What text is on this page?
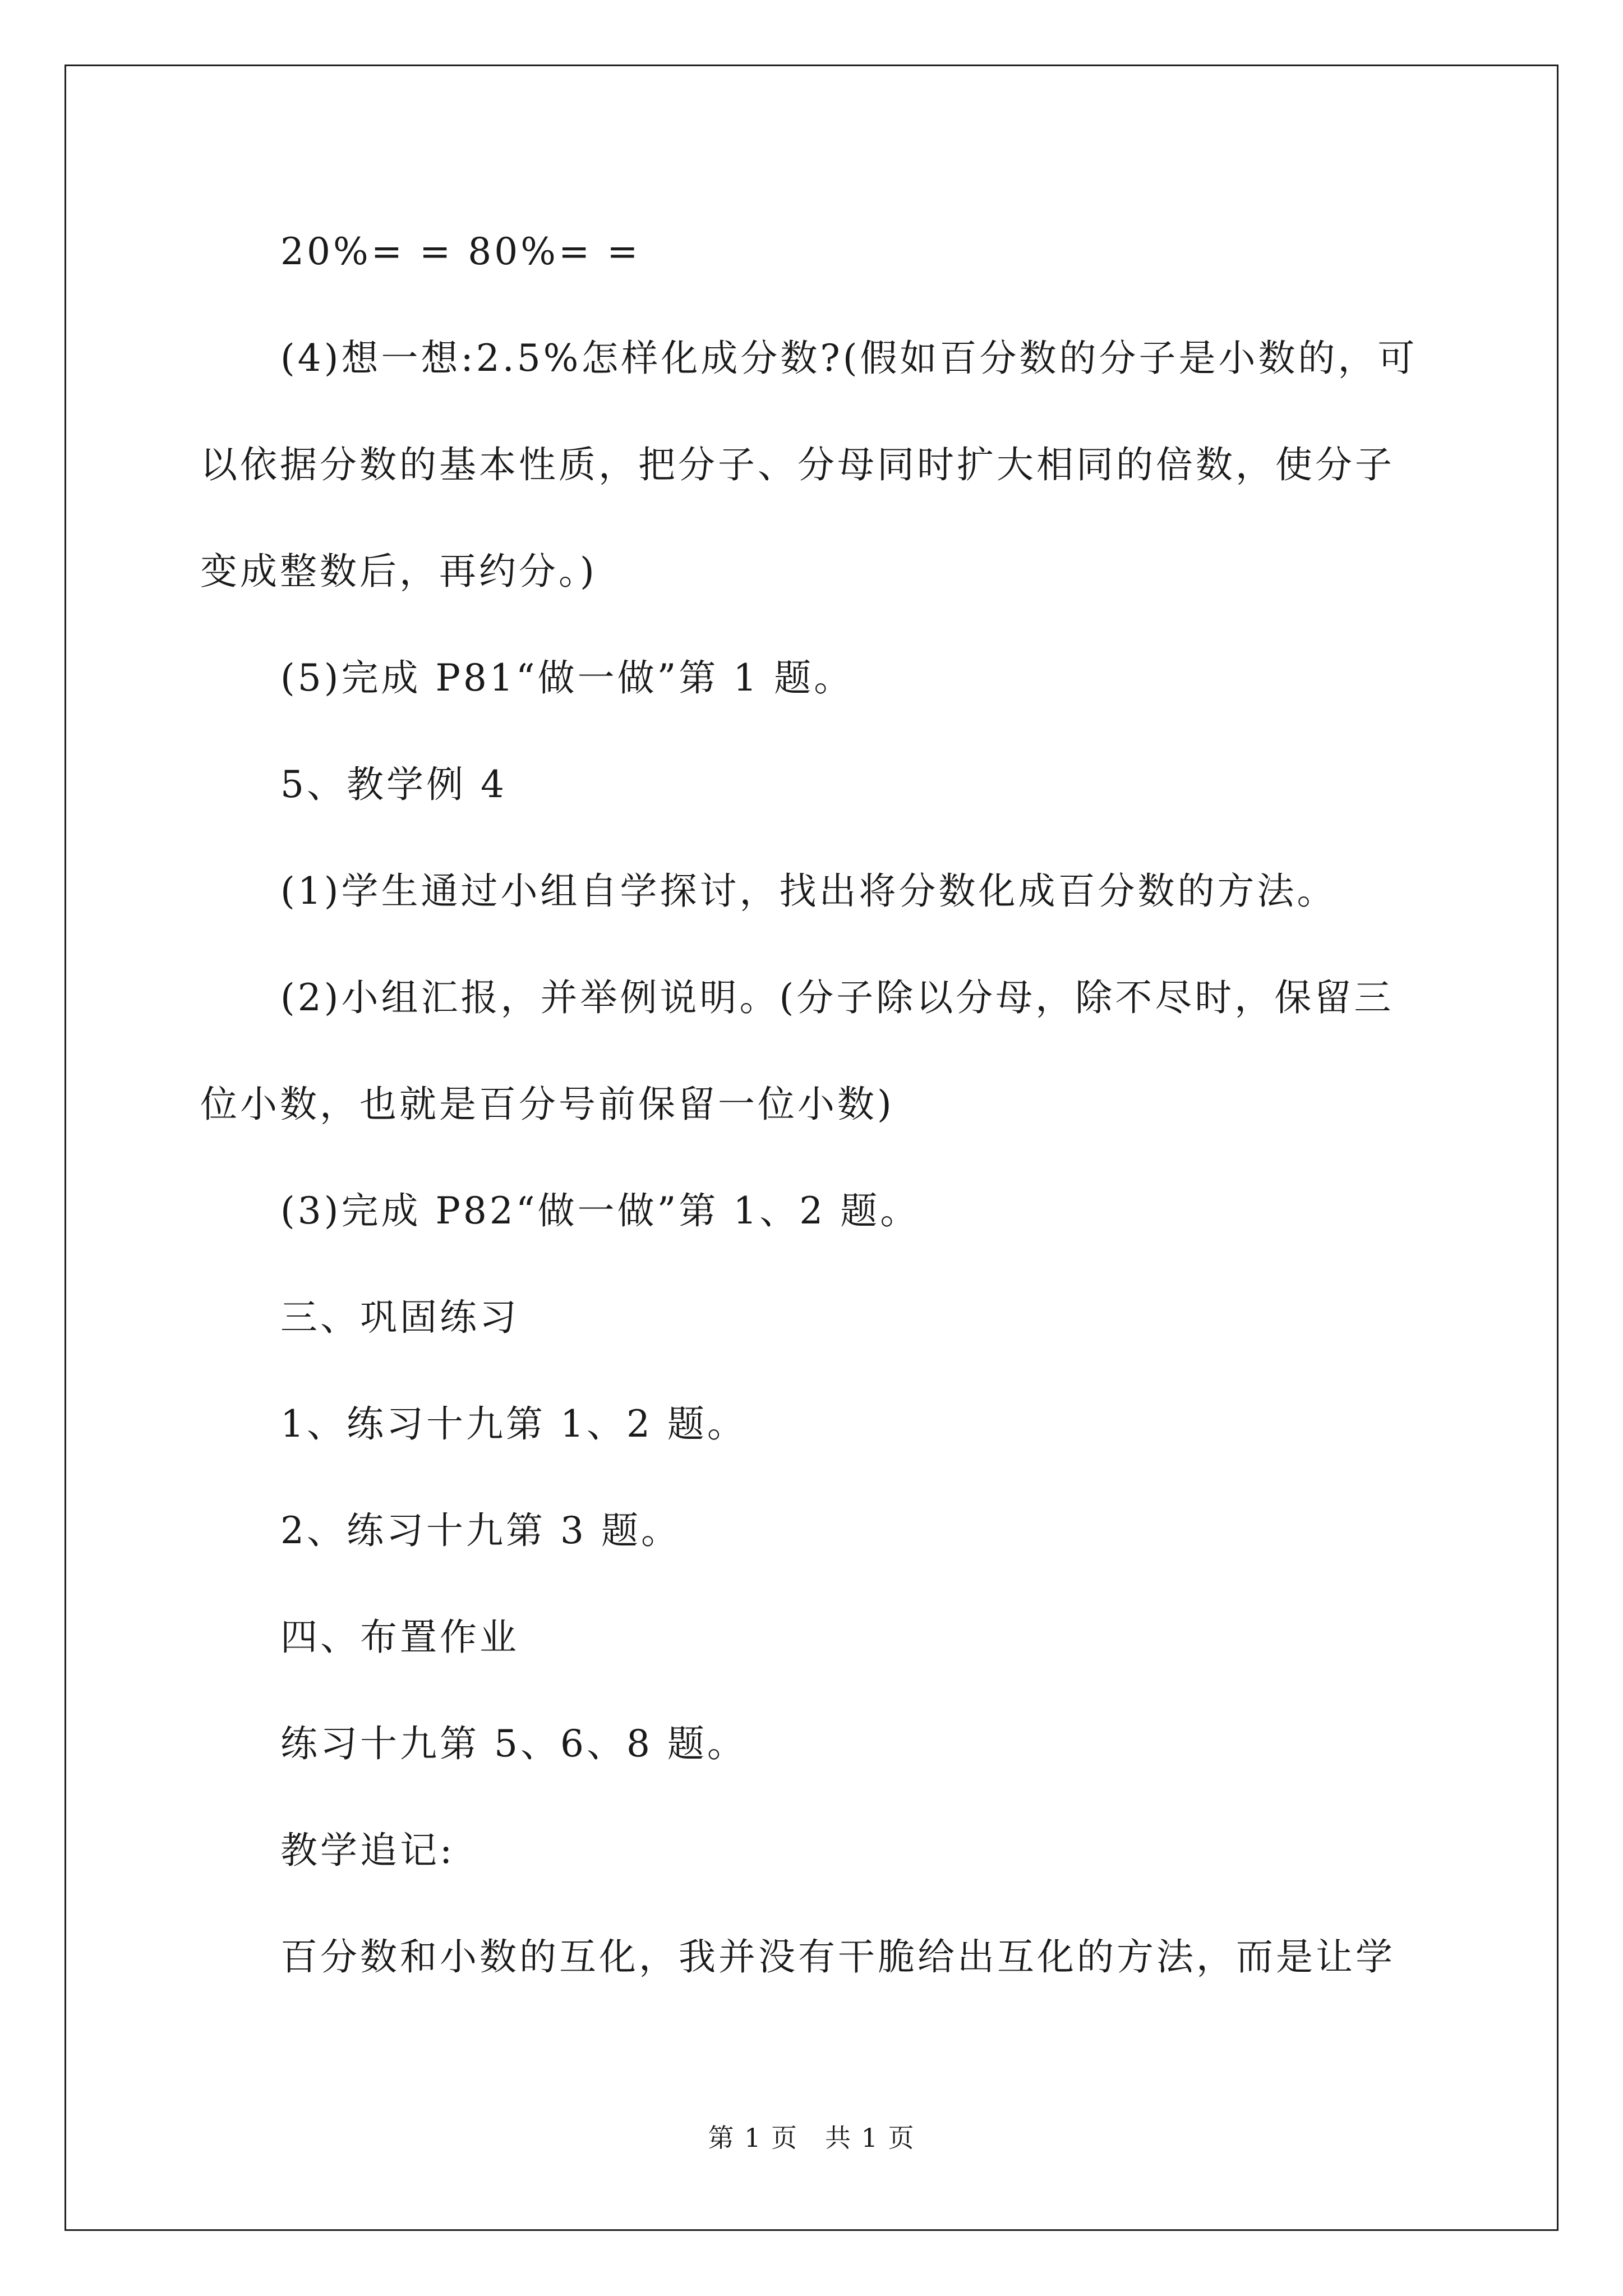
20%= = 80%= =
(4)想一想:2.5%怎样化成分数?(假如百分数的分子是小数的，可
以依据分数的基本性质，把分子、分母同时扩大相同的倍数，使分子
变成整数后，再约分。)
(5)完成 P81“做一做”第 1 题。
5、教学例 4
(1)学生通过小组自学探讨，找出将分数化成百分数的方法。
(2)小组汇报，并举例说明。(分子除以分母，除不尽时，保留三
位小数，也就是百分号前保留一位小数)
(3)完成 P82“做一做”第 1、2 题。
三、巩固练习
1、练习十九第 1、2 题。
2、练习十九第 3 题。
四、布置作业
练习十九第 5、6、8 题。
教学追记:
百分数和小数的互化，我并没有干脆给出互化的方法，而是让学
第 1 页　共 1 页
